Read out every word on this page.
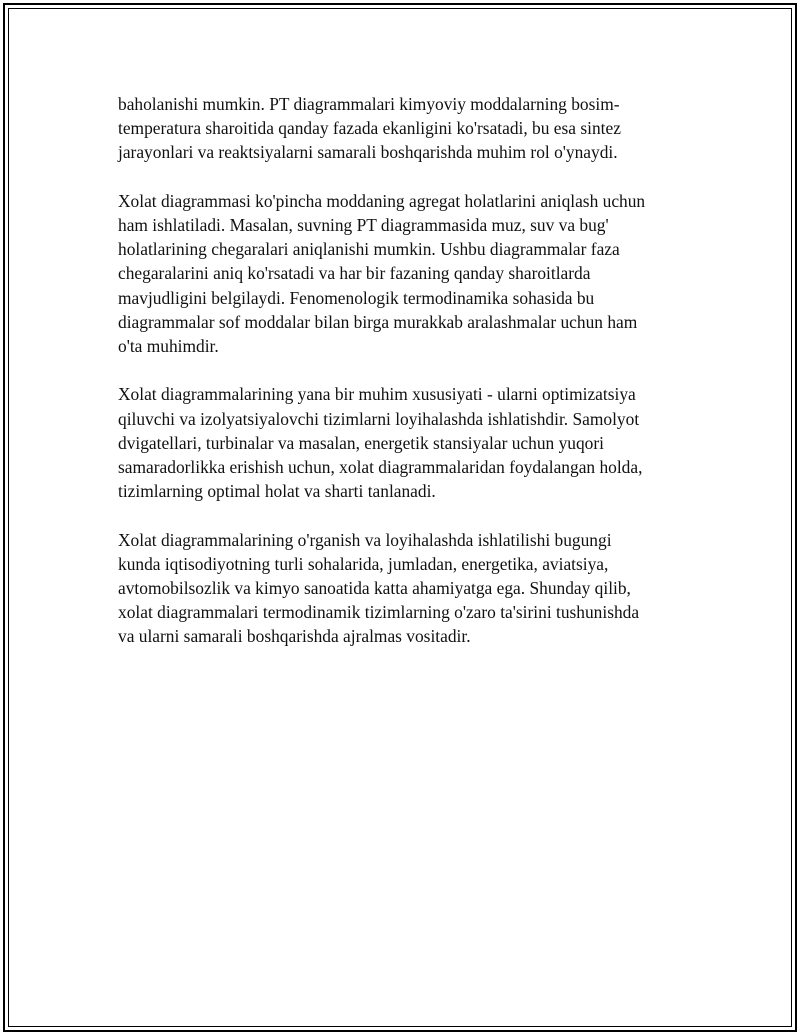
baholanishi mumkin. PT diagrammalari kimyoviy moddalarning bosim-
temperatura sharoitida qanday fazada ekanligini ko'rsatadi, bu esa sintez
jarayonlari va reaktsiyalarni samarali boshqarishda muhim rol o'ynaydi.

Xolat diagrammasi ko'pincha moddaning agregat holatlarini aniqlash uchun
ham ishlatiladi. Masalan, suvning PT diagrammasida muz, suv va bug'
holatlarining chegaralari aniqlanishi mumkin. Ushbu diagrammalar faza
chegaralarini aniq ko'rsatadi va har bir fazaning qanday sharoitlarda
mavjudligini belgilaydi. Fenomenologik termodinamika sohasida bu
diagrammalar sof moddalar bilan birga murakkab aralashmalar uchun ham
o'ta muhimdir.

Xolat diagrammalarining yana bir muhim xususiyati - ularni optimizatsiya
qiluvchi va izolyatsiyalovchi tizimlarni loyihalashda ishlatishdir. Samolyot
dvigatellari, turbinalar va masalan, energetik stansiyalar uchun yuqori
samaradorlikka erishish uchun, xolat diagrammalaridan foydalangan holda,
tizimlarning optimal holat va sharti tanlanadi.

Xolat diagrammalarining o'rganish va loyihalashda ishlatilishi bugungi
kunda iqtisodiyotning turli sohalarida, jumladan, energetika, aviatsiya,
avtomobilsozlik va kimyo sanoatida katta ahamiyatga ega. Shunday qilib,
xolat diagrammalari termodinamik tizimlarning o'zaro ta'sirini tushunishda
va ularni samarali boshqarishda ajralmas vositadir.
